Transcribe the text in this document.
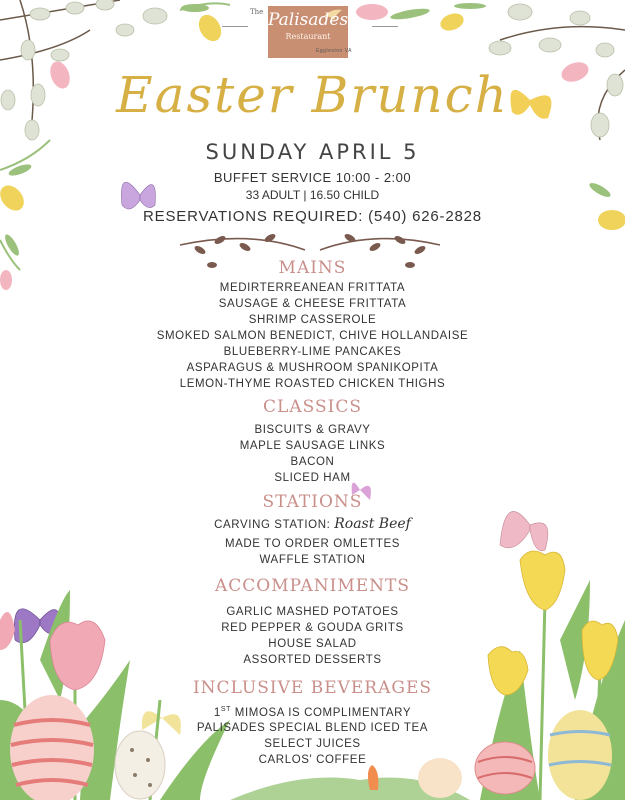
The Palisades
Restaurant
Eggleston VA
Easter Brunch
SUNDAY APRIL 5
BUFFET SERVICE 10:00 - 2:00
33 ADULT | 16.50 CHILD
RESERVATIONS REQUIRED: (540) 626-2828
MAINS
MEDIRTERREANEAN FRITTATA
SAUSAGE & CHEESE FRITTATA
SHRIMP CASSEROLE
SMOKED SALMON BENEDICT, CHIVE HOLLANDAISE
BLUEBERRY-LIME PANCAKES
ASPARAGUS & MUSHROOM SPANIKOPITA
LEMON-THYME ROASTED CHICKEN THIGHS
CLASSICS
BISCUITS & GRAVY
MAPLE SAUSAGE LINKS
BACON
SLICED HAM
STATIONS
CARVING STATION: Roast Beef
MADE TO ORDER OMLETTES
WAFFLE STATION
ACCOMPANIMENTS
GARLIC MASHED POTATOES
RED PEPPER & GOUDA GRITS
HOUSE SALAD
ASSORTED DESSERTS
INCLUSIVE BEVERAGES
1ST MIMOSA IS COMPLIMENTARY
PALISADES SPECIAL BLEND ICED TEA
SELECT JUICES
CARLOS' COFFEE
